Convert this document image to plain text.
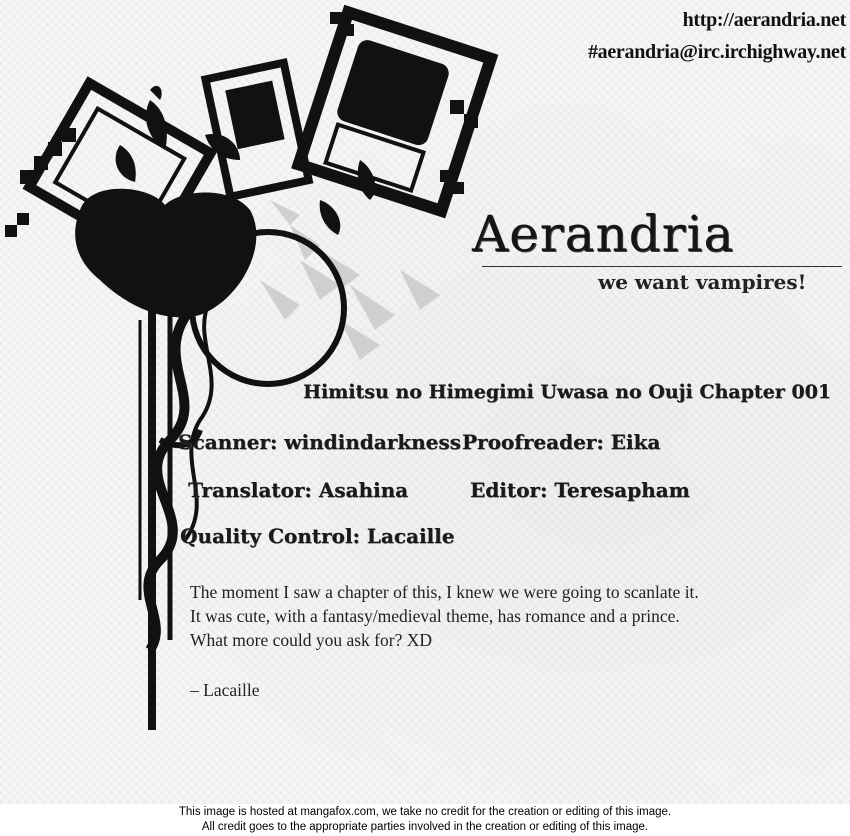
http://aerandria.net
#aerandria@irc.irchighway.net
Aerandria
we want vampires!
Himitsu no Himegimi Uwasa no Ouji Chapter 001
Scanner: windindarkness Proofreader: Eika
Translator: Asahina	Editor: Teresapham
Quality Control: Lacaille

The moment I saw a chapter of this, I knew we were going to scanlate it.

It was cute, with a fantasy/medieval theme, has romance and a prince.

What more could you ask for? XD

– Lacaille
This image is hosted at mangafox.com, we take no credit for the creation or editing of this image.
All credit goes to the appropriate parties involved in the creation or editing of this image.
